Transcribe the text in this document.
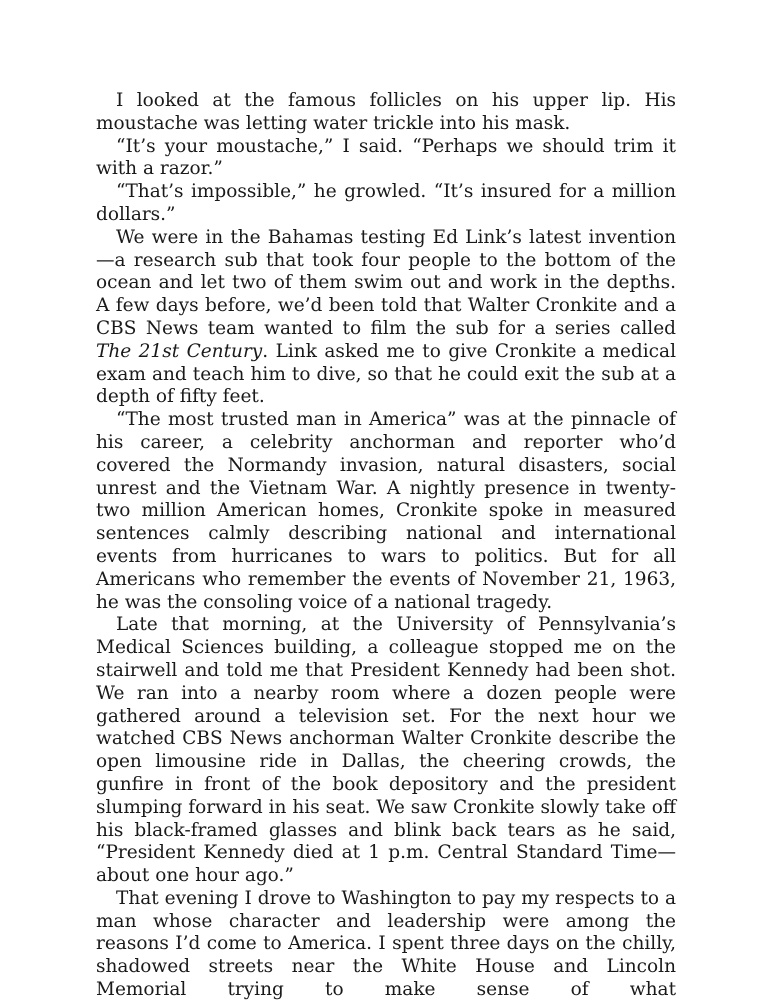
I looked at the famous follicles on his upper lip. His moustache was letting water trickle into his mask.

“It’s your moustache,” I said. “Perhaps we should trim it with a razor.”

“That’s impossible,” he growled. “It’s insured for a million dollars.”

We were in the Bahamas testing Ed Link’s latest invention—a research sub that took four people to the bottom of the ocean and let two of them swim out and work in the depths. A few days before, we’d been told that Walter Cronkite and a CBS News team wanted to film the sub for a series called The 21st Century. Link asked me to give Cronkite a medical exam and teach him to dive, so that he could exit the sub at a depth of fifty feet.

“The most trusted man in America” was at the pinnacle of his career, a celebrity anchorman and reporter who’d covered the Normandy invasion, natural disasters, social unrest and the Vietnam War. A nightly presence in twenty-two million American homes, Cronkite spoke in measured sentences calmly describing national and international events from hurricanes to wars to politics. But for all Americans who remember the events of November 21, 1963, he was the consoling voice of a national tragedy.

Late that morning, at the University of Pennsylvania’s Medical Sciences building, a colleague stopped me on the stairwell and told me that President Kennedy had been shot. We ran into a nearby room where a dozen people were gathered around a television set. For the next hour we watched CBS News anchorman Walter Cronkite describe the open limousine ride in Dallas, the cheering crowds, the gunfire in front of the book depository and the president slumping forward in his seat. We saw Cronkite slowly take off his black-framed glasses and blink back tears as he said, “President Kennedy died at 1 p.m. Central Standard Time—about one hour ago.”

That evening I drove to Washington to pay my respects to a man whose character and leadership were among the reasons I’d come to America. I spent three days on the chilly, shadowed streets near the White House and Lincoln Memorial trying to make sense of what
